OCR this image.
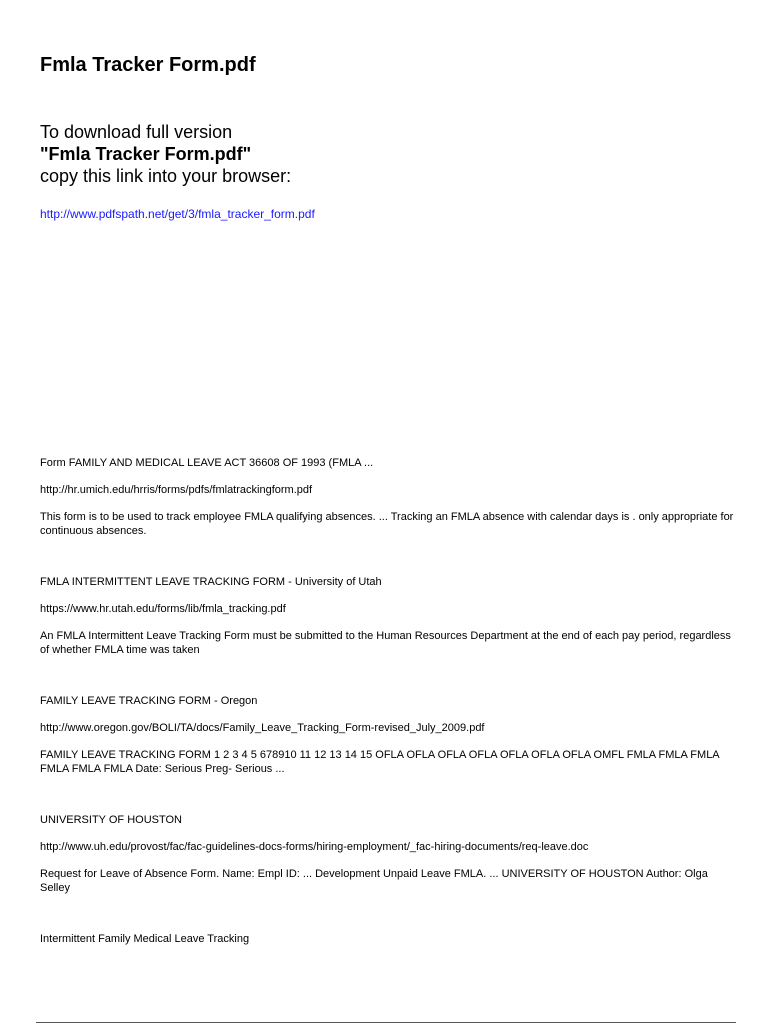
Fmla Tracker Form.pdf
To download full version
"Fmla Tracker Form.pdf"
copy this link into your browser:
http://www.pdfspath.net/get/3/fmla_tracker_form.pdf
Form FAMILY AND MEDICAL LEAVE ACT 36608 OF 1993 (FMLA ...
http://hr.umich.edu/hrris/forms/pdfs/fmlatrackingform.pdf
This form is to be used to track employee FMLA qualifying absences. ... Tracking an FMLA absence with calendar days is . only appropriate for continuous absences.
FMLA INTERMITTENT LEAVE TRACKING FORM - University of Utah
https://www.hr.utah.edu/forms/lib/fmla_tracking.pdf
An FMLA Intermittent Leave Tracking Form must be submitted to the Human Resources Department at the end of each pay period, regardless of whether FMLA time was taken
FAMILY LEAVE TRACKING FORM - Oregon
http://www.oregon.gov/BOLI/TA/docs/Family_Leave_Tracking_Form-revised_July_2009.pdf
FAMILY LEAVE TRACKING FORM 1 2 3 4 5 678910 11 12 13 14 15 OFLA OFLA OFLA OFLA OFLA OFLA OFLA OMFL FMLA FMLA FMLA FMLA FMLA FMLA Date: Serious Preg- Serious ...
UNIVERSITY OF HOUSTON
http://www.uh.edu/provost/fac/fac-guidelines-docs-forms/hiring-employment/_fac-hiring-documents/req-leave.doc
Request for Leave of Absence Form. Name: Empl ID: ... Development Unpaid Leave FMLA. ... UNIVERSITY OF HOUSTON Author: Olga Selley
Intermittent Family Medical Leave Tracking
